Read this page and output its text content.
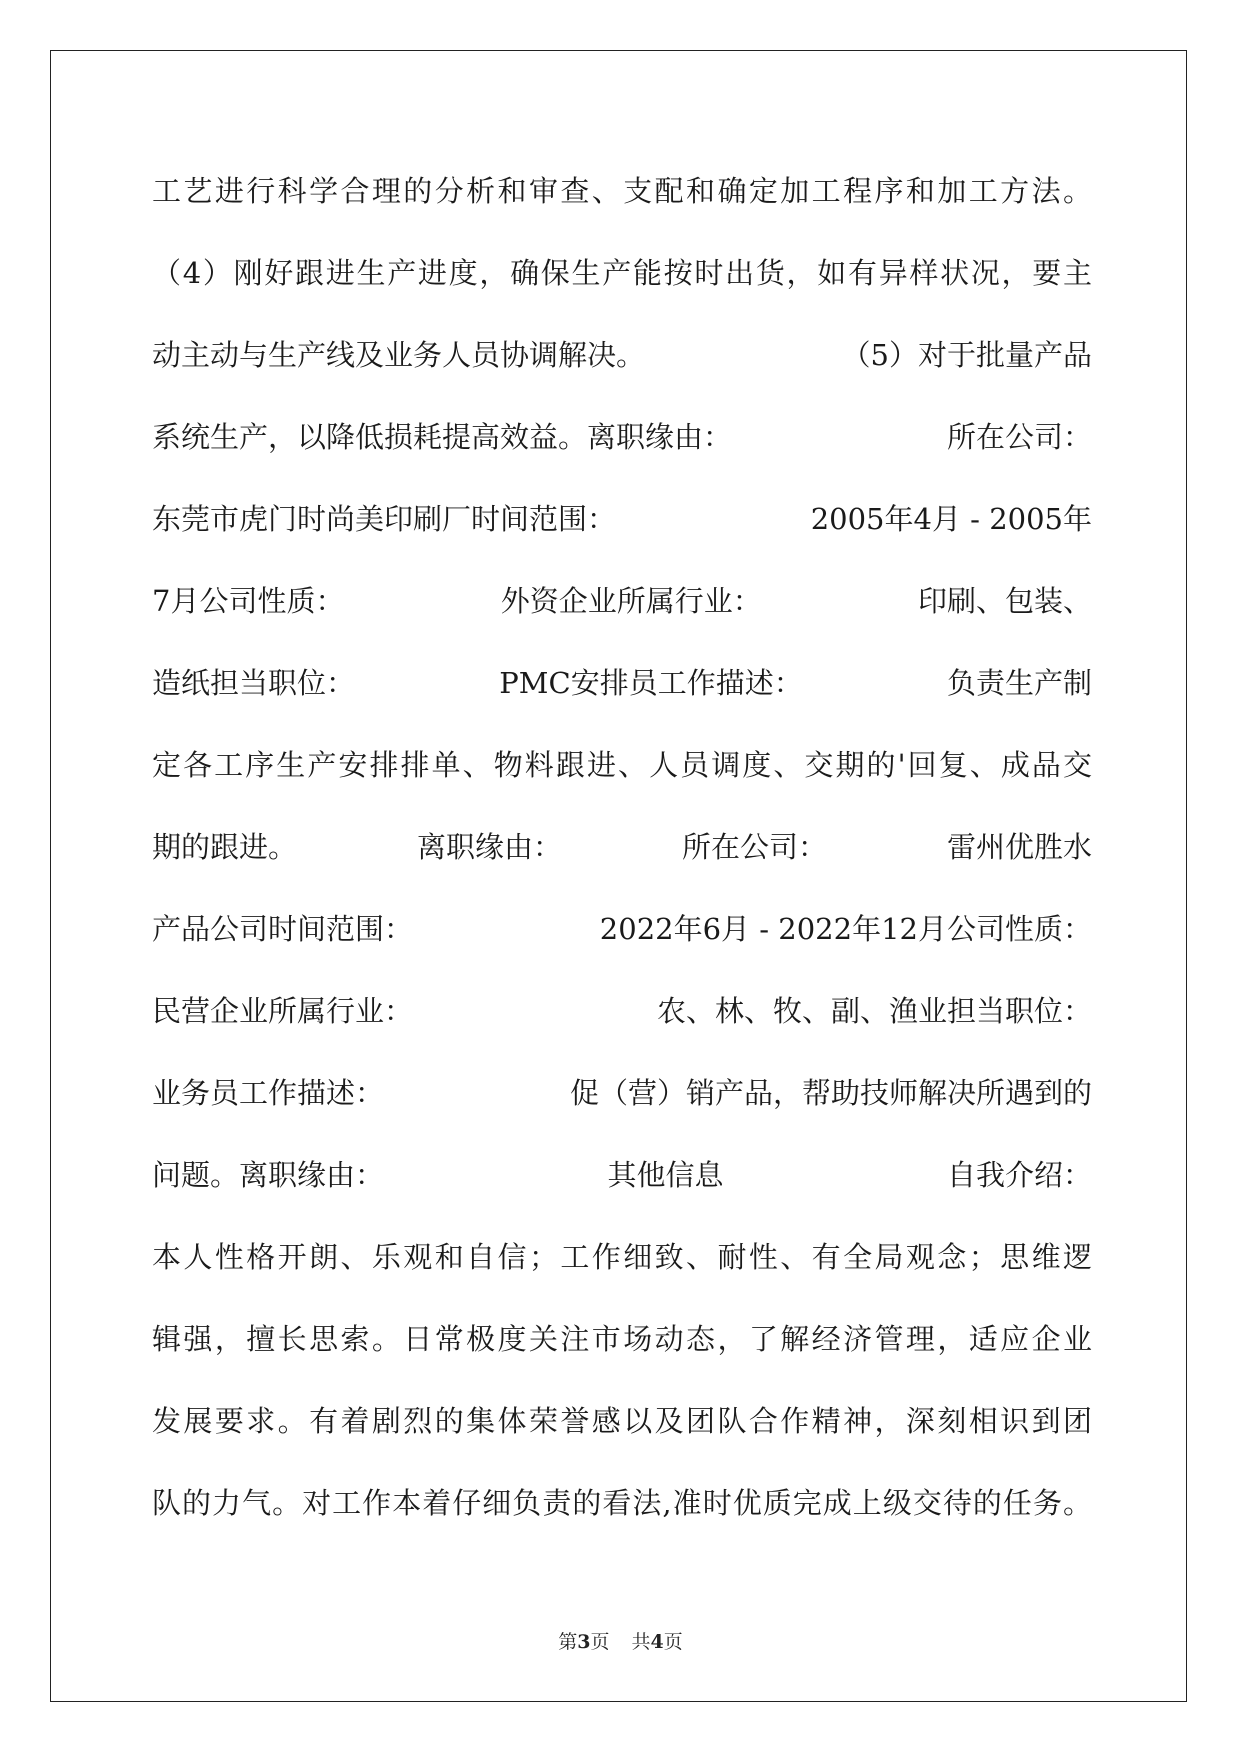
工艺进行科学合理的分析和审查、支配和确定加工程序和加工方法。
（4）刚好跟进生产进度，确保生产能按时出货，如有异样状况，要主
动主动与生产线及业务人员协调解决。	（5）对于批量产品
系统生产，以降低损耗提高效益。离职缘由：	所在公司：
东莞市虎门时尚美印刷厂时间范围：	2005年4月 - 2005年
7月公司性质：	外资企业所属行业：	印刷、包装、
造纸担当职位：	PMC安排员工作描述：	负责生产制
定各工序生产安排排单、物料跟进、人员调度、交期的'回复、成品交
期的跟进。	离职缘由：	所在公司：	雷州优胜水
产品公司时间范围：	2022年6月 - 2022年12月公司性质：
民营企业所属行业：	农、林、牧、副、渔业担当职位：
业务员工作描述：	促（营）销产品，帮助技师解决所遇到的
问题。离职缘由：	其他信息	自我介绍：
本人性格开朗、乐观和自信；工作细致、耐性、有全局观念；思维逻
辑强，擅长思索。日常极度关注市场动态，了解经济管理，适应企业
发展要求。有着剧烈的集体荣誉感以及团队合作精神，深刻相识到团
队的力气。对工作本着仔细负责的看法,准时优质完成上级交待的任务。
第3页 共4页
